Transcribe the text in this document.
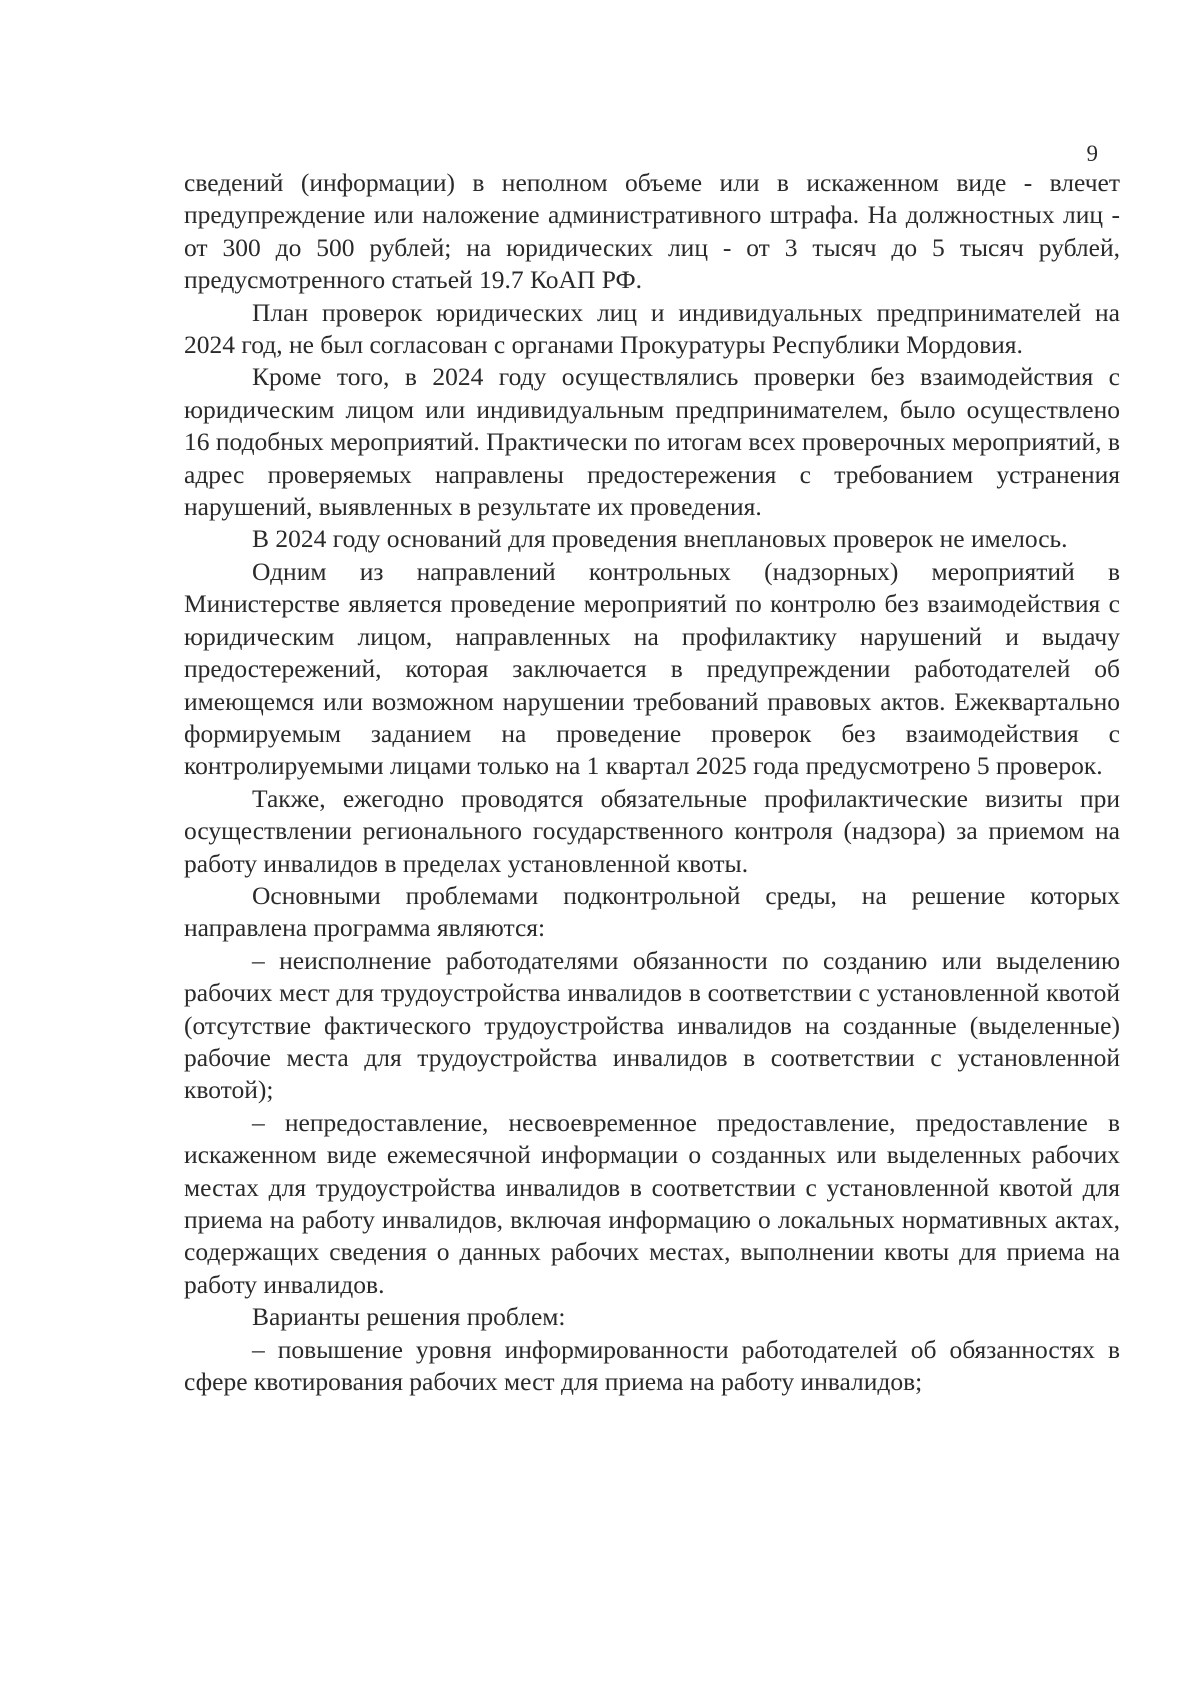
9

сведений (информации) в неполном объеме или в искаженном виде - влечет предупреждение или наложение административного штрафа. На должностных лиц - от 300 до 500 рублей; на юридических лиц - от 3 тысяч до 5 тысяч рублей, предусмотренного статьей 19.7 КоАП РФ.

План проверок юридических лиц и индивидуальных предпринимателей на 2024 год, не был согласован с органами Прокуратуры Республики Мордовия.

Кроме того, в 2024 году осуществлялись проверки без взаимодействия с юридическим лицом или индивидуальным предпринимателем, было осуществлено 16 подобных мероприятий. Практически по итогам всех проверочных мероприятий, в адрес проверяемых направлены предостережения с требованием устранения нарушений, выявленных в результате их проведения.

В 2024 году оснований для проведения внеплановых проверок не имелось.

Одним из направлений контрольных (надзорных) мероприятий в Министерстве является проведение мероприятий по контролю без взаимодействия с юридическим лицом, направленных на профилактику нарушений и выдачу предостережений, которая заключается в предупреждении работодателей об имеющемся или возможном нарушении требований правовых актов. Ежеквартально формируемым заданием на проведение проверок без взаимодействия с контролируемыми лицами только на 1 квартал 2025 года предусмотрено 5 проверок.

Также, ежегодно проводятся обязательные профилактические визиты при осуществлении регионального государственного контроля (надзора) за приемом на работу инвалидов в пределах установленной квоты.

Основными проблемами подконтрольной среды, на решение которых направлена программа являются:

– неисполнение работодателями обязанности по созданию или выделению рабочих мест для трудоустройства инвалидов в соответствии с установленной квотой (отсутствие фактического трудоустройства инвалидов на созданные (выделенные) рабочие места для трудоустройства инвалидов в соответствии с установленной квотой);

– непредоставление, несвоевременное предоставление, предоставление в искаженном виде ежемесячной информации о созданных или выделенных рабочих местах для трудоустройства инвалидов в соответствии с установленной квотой для приема на работу инвалидов, включая информацию о локальных нормативных актах, содержащих сведения о данных рабочих местах, выполнении квоты для приема на работу инвалидов.

Варианты решения проблем:

– повышение уровня информированности работодателей об обязанностях в сфере квотирования рабочих мест для приема на работу инвалидов;
